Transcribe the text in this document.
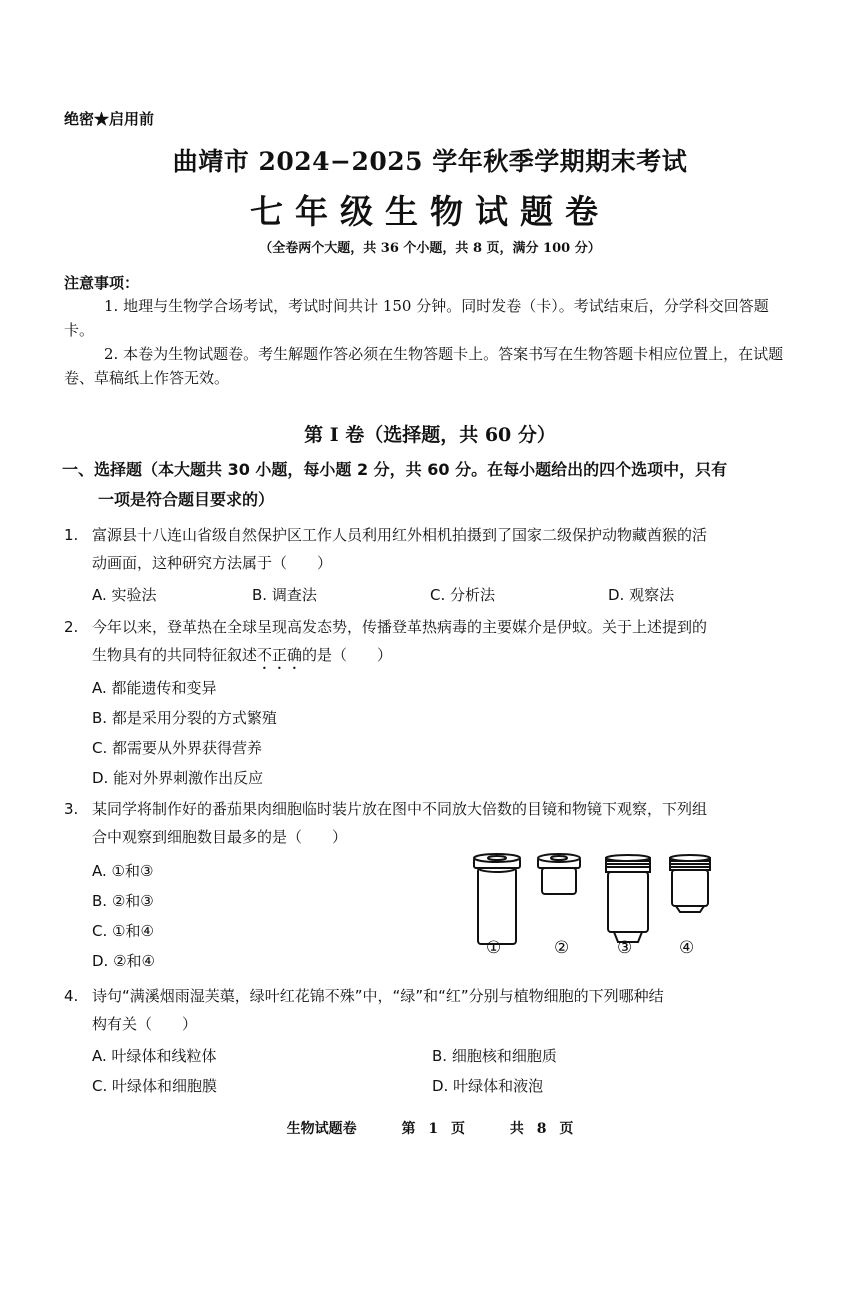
绝密★启用前
曲靖市 2024−2025 学年秋季学期期末考试
七年级生物试题卷
（全卷两个大题，共 36 个小题，共 8 页，满分 100 分）
注意事项：
1. 地理与生物学合场考试，考试时间共计 150 分钟。同时发卷（卡）。考试结束后，分学科交回答题卡。
2. 本卷为生物试题卷。考生解题作答必须在生物答题卡上。答案书写在生物答题卡相应位置上，在试题卷、草稿纸上作答无效。
第 I 卷（选择题，共 60 分）
一、选择题（本大题共 30 小题，每小题 2 分，共 60 分。在每小题给出的四个选项中，只有
一项是符合题目要求的）
1. 富源县十八连山省级自然保护区工作人员利用红外相机拍摄到了国家二级保护动物藏酋猴的活
动画面，这种研究方法属于（　　）
A. 实验法	B. 调查法	C. 分析法	D. 观察法
2. 今年以来，登革热在全球呈现高发态势，传播登革热病毒的主要媒介是伊蚊。关于上述提到的
生物具有的共同特征叙述不正确的是（　　）
A. 都能遗传和变异
B. 都是采用分裂的方式繁殖
C. 都需要从外界获得营养
D. 能对外界刺激作出反应
3. 某同学将制作好的番茄果肉细胞临时装片放在图中不同放大倍数的目镜和物镜下观察，下列组
合中观察到细胞数目最多的是（　　）
A. ①和③
B. ②和③
C. ①和④
D. ②和④
①	②	③	④
4. 诗句“满溪烟雨湿芙蕖，绿叶红花锦不殊”中，“绿”和“红”分别与植物细胞的下列哪种结
构有关（　　）
A. 叶绿体和线粒体	B. 细胞核和细胞质
C. 叶绿体和细胞膜	D. 叶绿体和液泡
生物试题卷	第 1 页	共 8 页
